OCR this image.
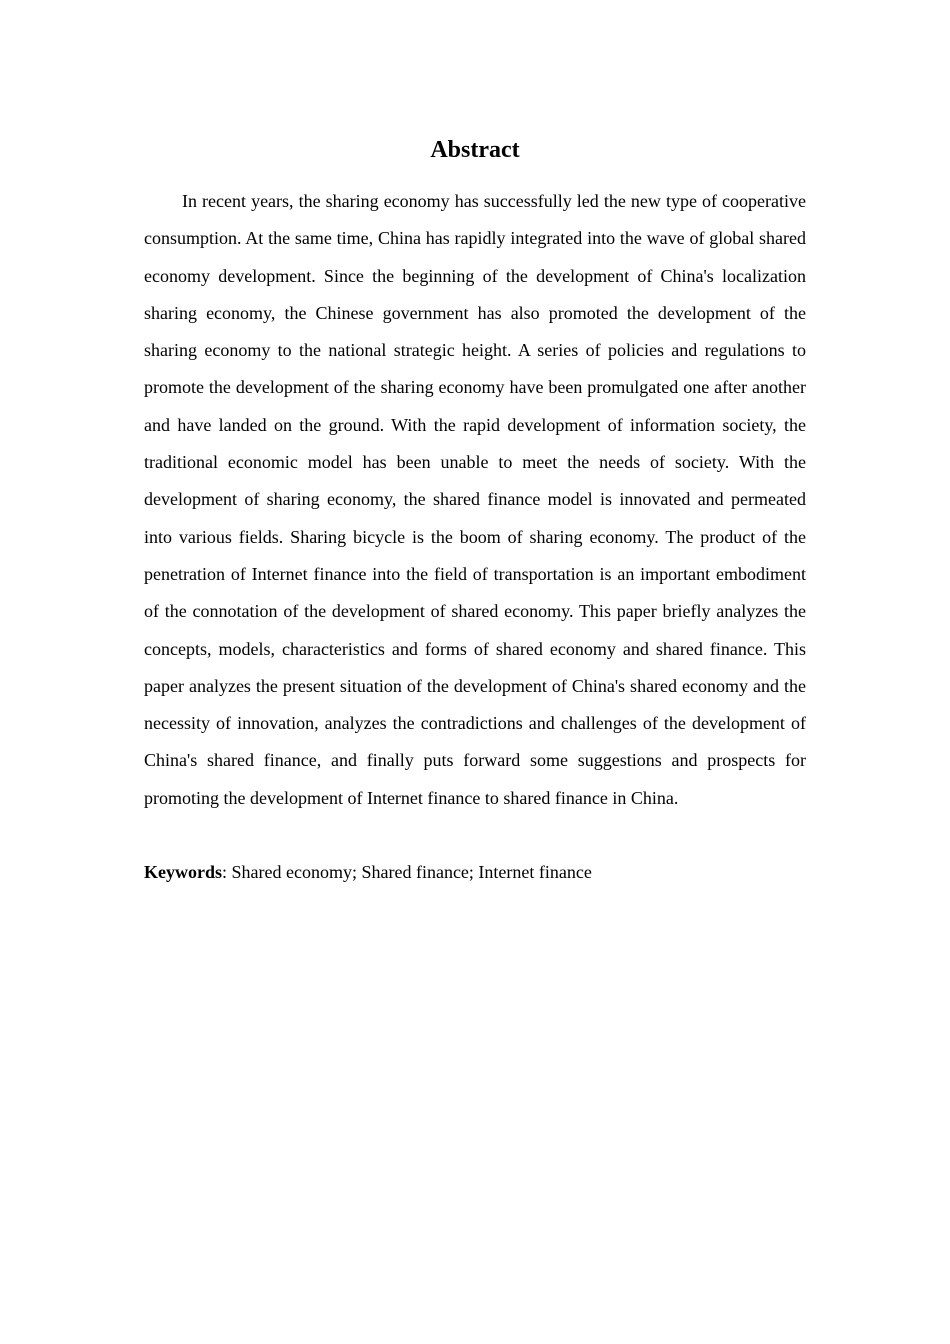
Abstract

In recent years, the sharing economy has successfully led the new type of cooperative consumption. At the same time, China has rapidly integrated into the wave of global shared economy development. Since the beginning of the development of China's localization sharing economy, the Chinese government has also promoted the development of the sharing economy to the national strategic height. A series of policies and regulations to promote the development of the sharing economy have been promulgated one after another and have landed on the ground. With the rapid development of information society, the traditional economic model has been unable to meet the needs of society. With the development of sharing economy, the shared finance model is innovated and permeated into various fields. Sharing bicycle is the boom of sharing economy. The product of the penetration of Internet finance into the field of transportation is an important embodiment of the connotation of the development of shared economy. This paper briefly analyzes the concepts, models, characteristics and forms of shared economy and shared finance. This paper analyzes the present situation of the development of China's shared economy and the necessity of innovation, analyzes the contradictions and challenges of the development of China's shared finance, and finally puts forward some suggestions and prospects for promoting the development of Internet finance to shared finance in China.

Keywords: Shared economy; Shared finance; Internet finance
